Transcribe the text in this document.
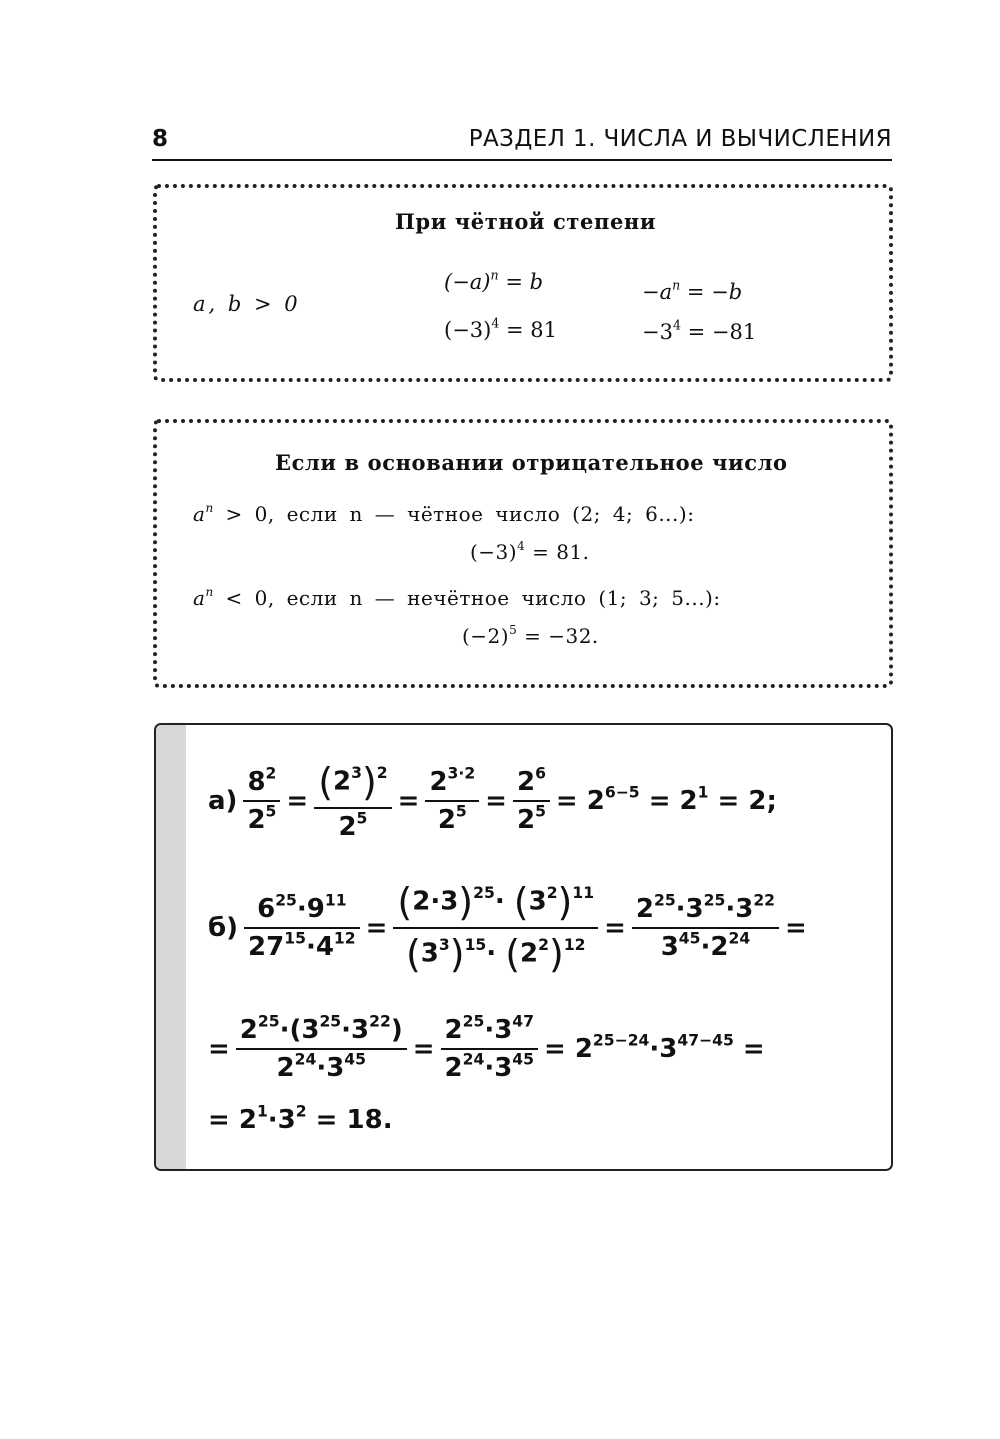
8	РАЗДЕЛ 1. ЧИСЛА И ВЫЧИСЛЕНИЯ
При чётной степени
a, b > 0
$(-a)^n = b$
$(-3)^4 = 81$
$-a^n = -b$
$-3^4 = -81$
Если в основании отрицательное число
$a^n > 0$, если n — чётное число (2; 4; 6...):
$(-3)^4 = 81$.
$a^n < 0$, если n — нечётное число (1; 3; 5...):
$(-2)^5 = -32$.
$а) \frac{8^2}{2^5} = \frac{(2^3)^2}{2^5} = \frac{2^{3\cdot 2}}{2^5} = \frac{2^6}{2^5} = 2^{6-5} = 2^1 = 2$;
$б) \frac{6^{25}\cdot 9^{11}}{27^{15}\cdot 4^{12}} = \frac{(2\cdot 3)^{25}\cdot (3^2)^{11}}{(3^3)^{15}\cdot (2^2)^{12}} = \frac{2^{25}\cdot 3^{25}\cdot 3^{22}}{3^{45}\cdot 2^{24}}$ =
= $\frac{2^{25}\cdot(3^{25}\cdot 3^{22})}{2^{24}\cdot 3^{45}} = \frac{2^{25}\cdot 3^{47}}{2^{24}\cdot 3^{45}} = 2^{25-24}\cdot 3^{47-45}$ =
= $2^1\cdot 3^2 = 18$.
